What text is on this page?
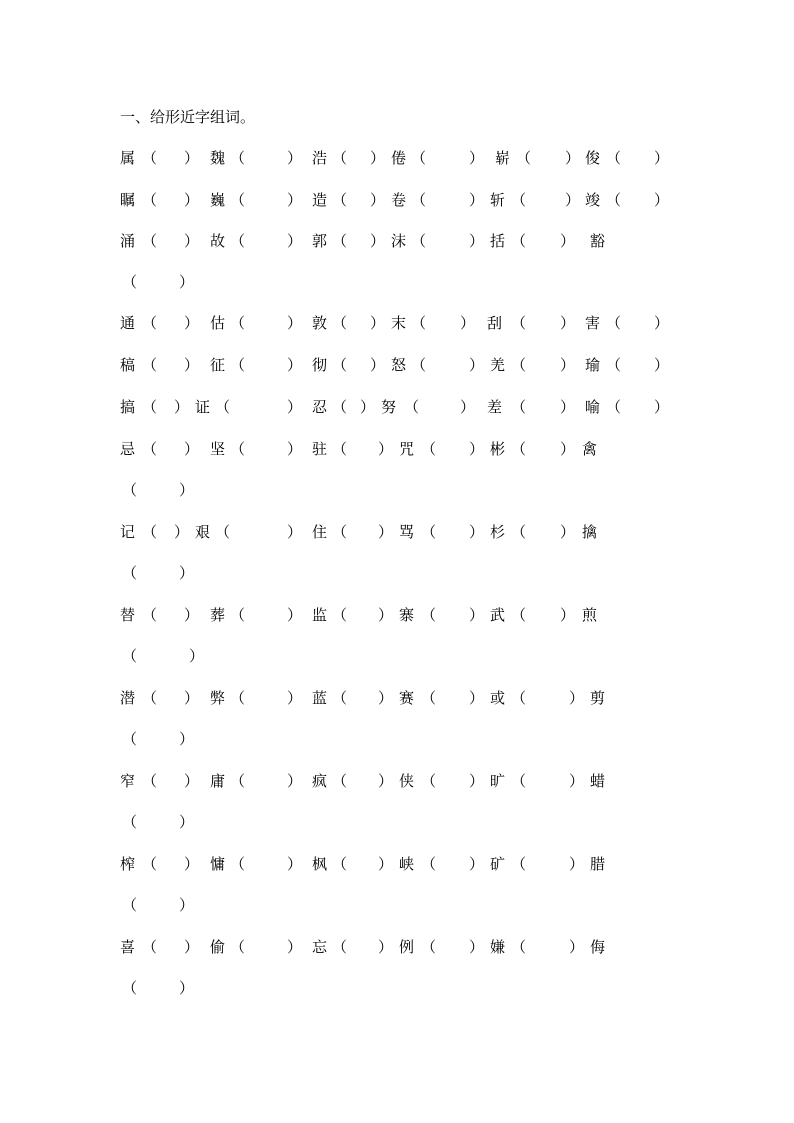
一、给形近字组词。
属 （ ） 魏 （	） 浩 （ ） 倦 （	） 崭 （ ） 俊 （ ）
瞩 （ ） 巍 （	） 造 （ ） 卷 （	） 斩 （	） 竣 （ ）
涌 （ ） 故 （	） 郭 （ ） 沫 （	） 括 （ ） 豁
（	）
通 （ ） 估 （	） 敦 （ ） 末 （ ） 刮 （ ） 害 （ ）
稿 （ ） 征 （	） 彻 （ ） 怒 （	） 羌 （ ） 瑜 （ ）
搞 （ ） 证 （	） 忍 （ ） 努 （	） 差 （ ） 喻 （ ）
忌 （ ） 坚 （	） 驻 （ ） 咒 （ ） 彬 （ ） 禽
（	）
记 （ ） 艰 （	） 住 （ ） 骂 （ ） 杉 （ ） 擒
（	）
替 （ ） 葬 （	） 监 （ ） 寨 （ ） 武 （ ） 煎
（	）
潜 （ ） 弊 （	） 蓝 （ ） 赛 （ ） 或 （	） 剪
（	）
窄 （ ） 庸 （	） 疯 （ ） 侠 （ ） 旷 （	） 蜡
（	）
榨 （ ） 慵 （	） 枫 （ ） 峡 （ ） 矿 （	） 腊
（	）
喜 （ ） 偷 （	） 忘 （ ） 例 （ ） 嫌 （	） 侮
（	）
